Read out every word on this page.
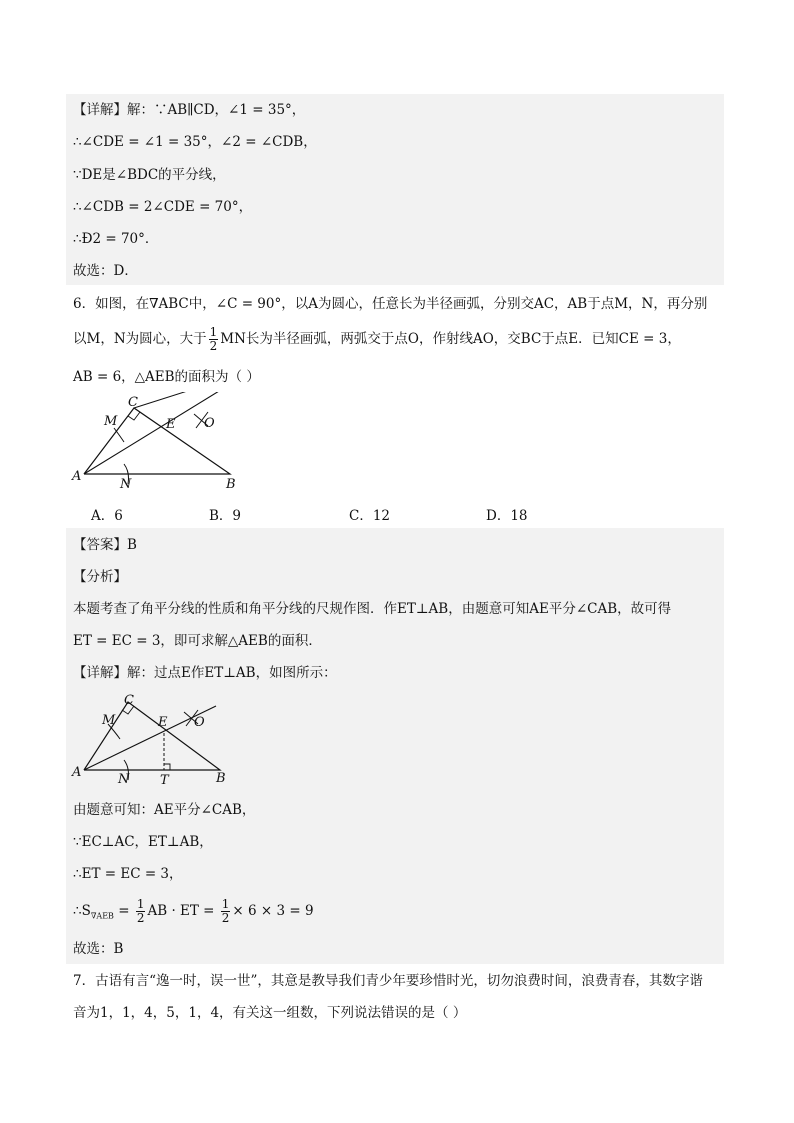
【详解】解：∵AB∥CD，∠1 = 35°，
∴∠CDE = ∠1 = 35°，∠2 = ∠CDB，
∵DE是∠BDC的平分线，
∴∠CDB = 2∠CDE = 70°，
∴Ð2 = 70°．
故选：D．
6．如图，在∇ABC中，∠C = 90°，以A为圆心，任意长为半径画弧，分别交AC，AB于点M，N，再分别
以M，N为圆心，大于 $\frac{1}{2}$ MN长为半径画弧，两弧交于点O，作射线AO，交BC于点E．已知CE = 3，
AB = 6，△AEB的面积为（ ）
A
B
C
M
N
E O
A．6	B．9	C．12	D．18
【答案】B
【分析】
本题考查了角平分线的性质和角平分线的尺规作图．作ET⊥AB，由题意可知AE平分∠CAB，故可得
ET = EC = 3，即可求解△AEB的面积．
【详解】解：过点E作ET⊥AB，如图所示：
A	B
C
M
N
E O
T
由题意可知：AE平分∠CAB，
∵EC⊥AC，ET⊥AB，
∴ET = EC = 3，
$\therefore S_{\nabla AEB} = \frac{1}{2}$ AB · ET = $\frac{1}{2} \times 6 \times 3 = 9$
故选：B
7．古语有言“逸一时，误一世”，其意是教导我们青少年要珍惜时光，切勿浪费时间，浪费青春，其数字谐
音为1，1，4，5，1，4，有关这一组数，下列说法错误的是（ ）
